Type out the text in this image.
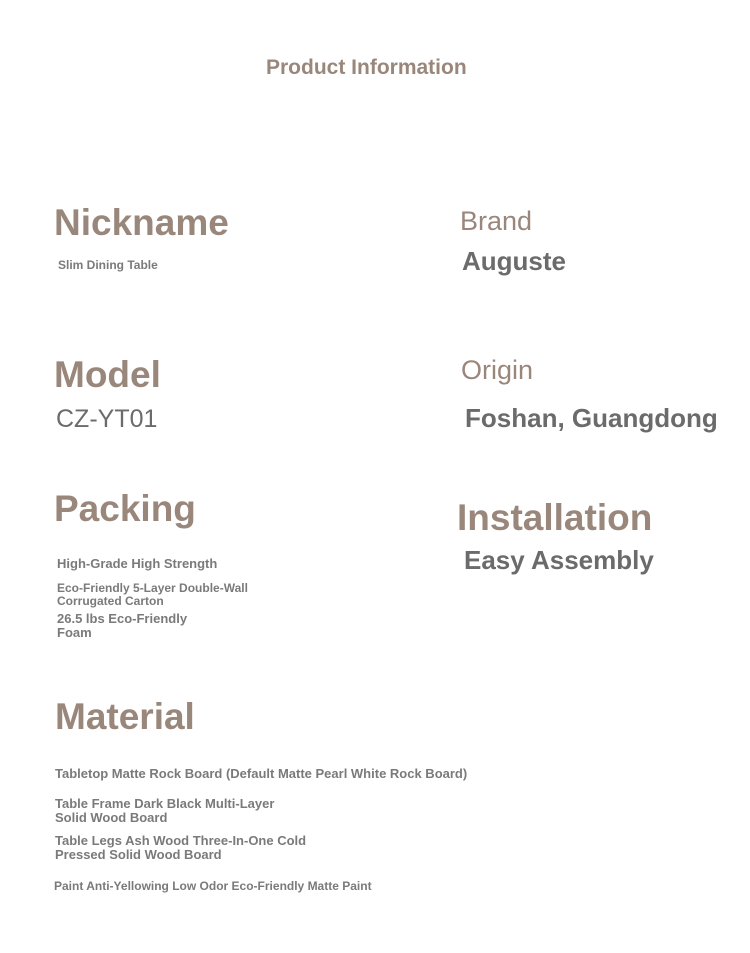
Product Information
Nickname
Slim Dining Table
Brand
Auguste
Model
CZ-YT01
Origin
Foshan, Guangdong
Packing
High-Grade High Strength
Eco-Friendly 5-Layer Double-Wall Corrugated Carton
26.5 lbs Eco-Friendly Foam
Installation
Easy Assembly
Material
Tabletop Matte Rock Board (Default Matte Pearl White Rock Board)
Table Frame Dark Black Multi-Layer Solid Wood Board
Table Legs Ash Wood Three-In-One Cold Pressed Solid Wood Board
Paint Anti-Yellowing Low Odor Eco-Friendly Matte Paint
